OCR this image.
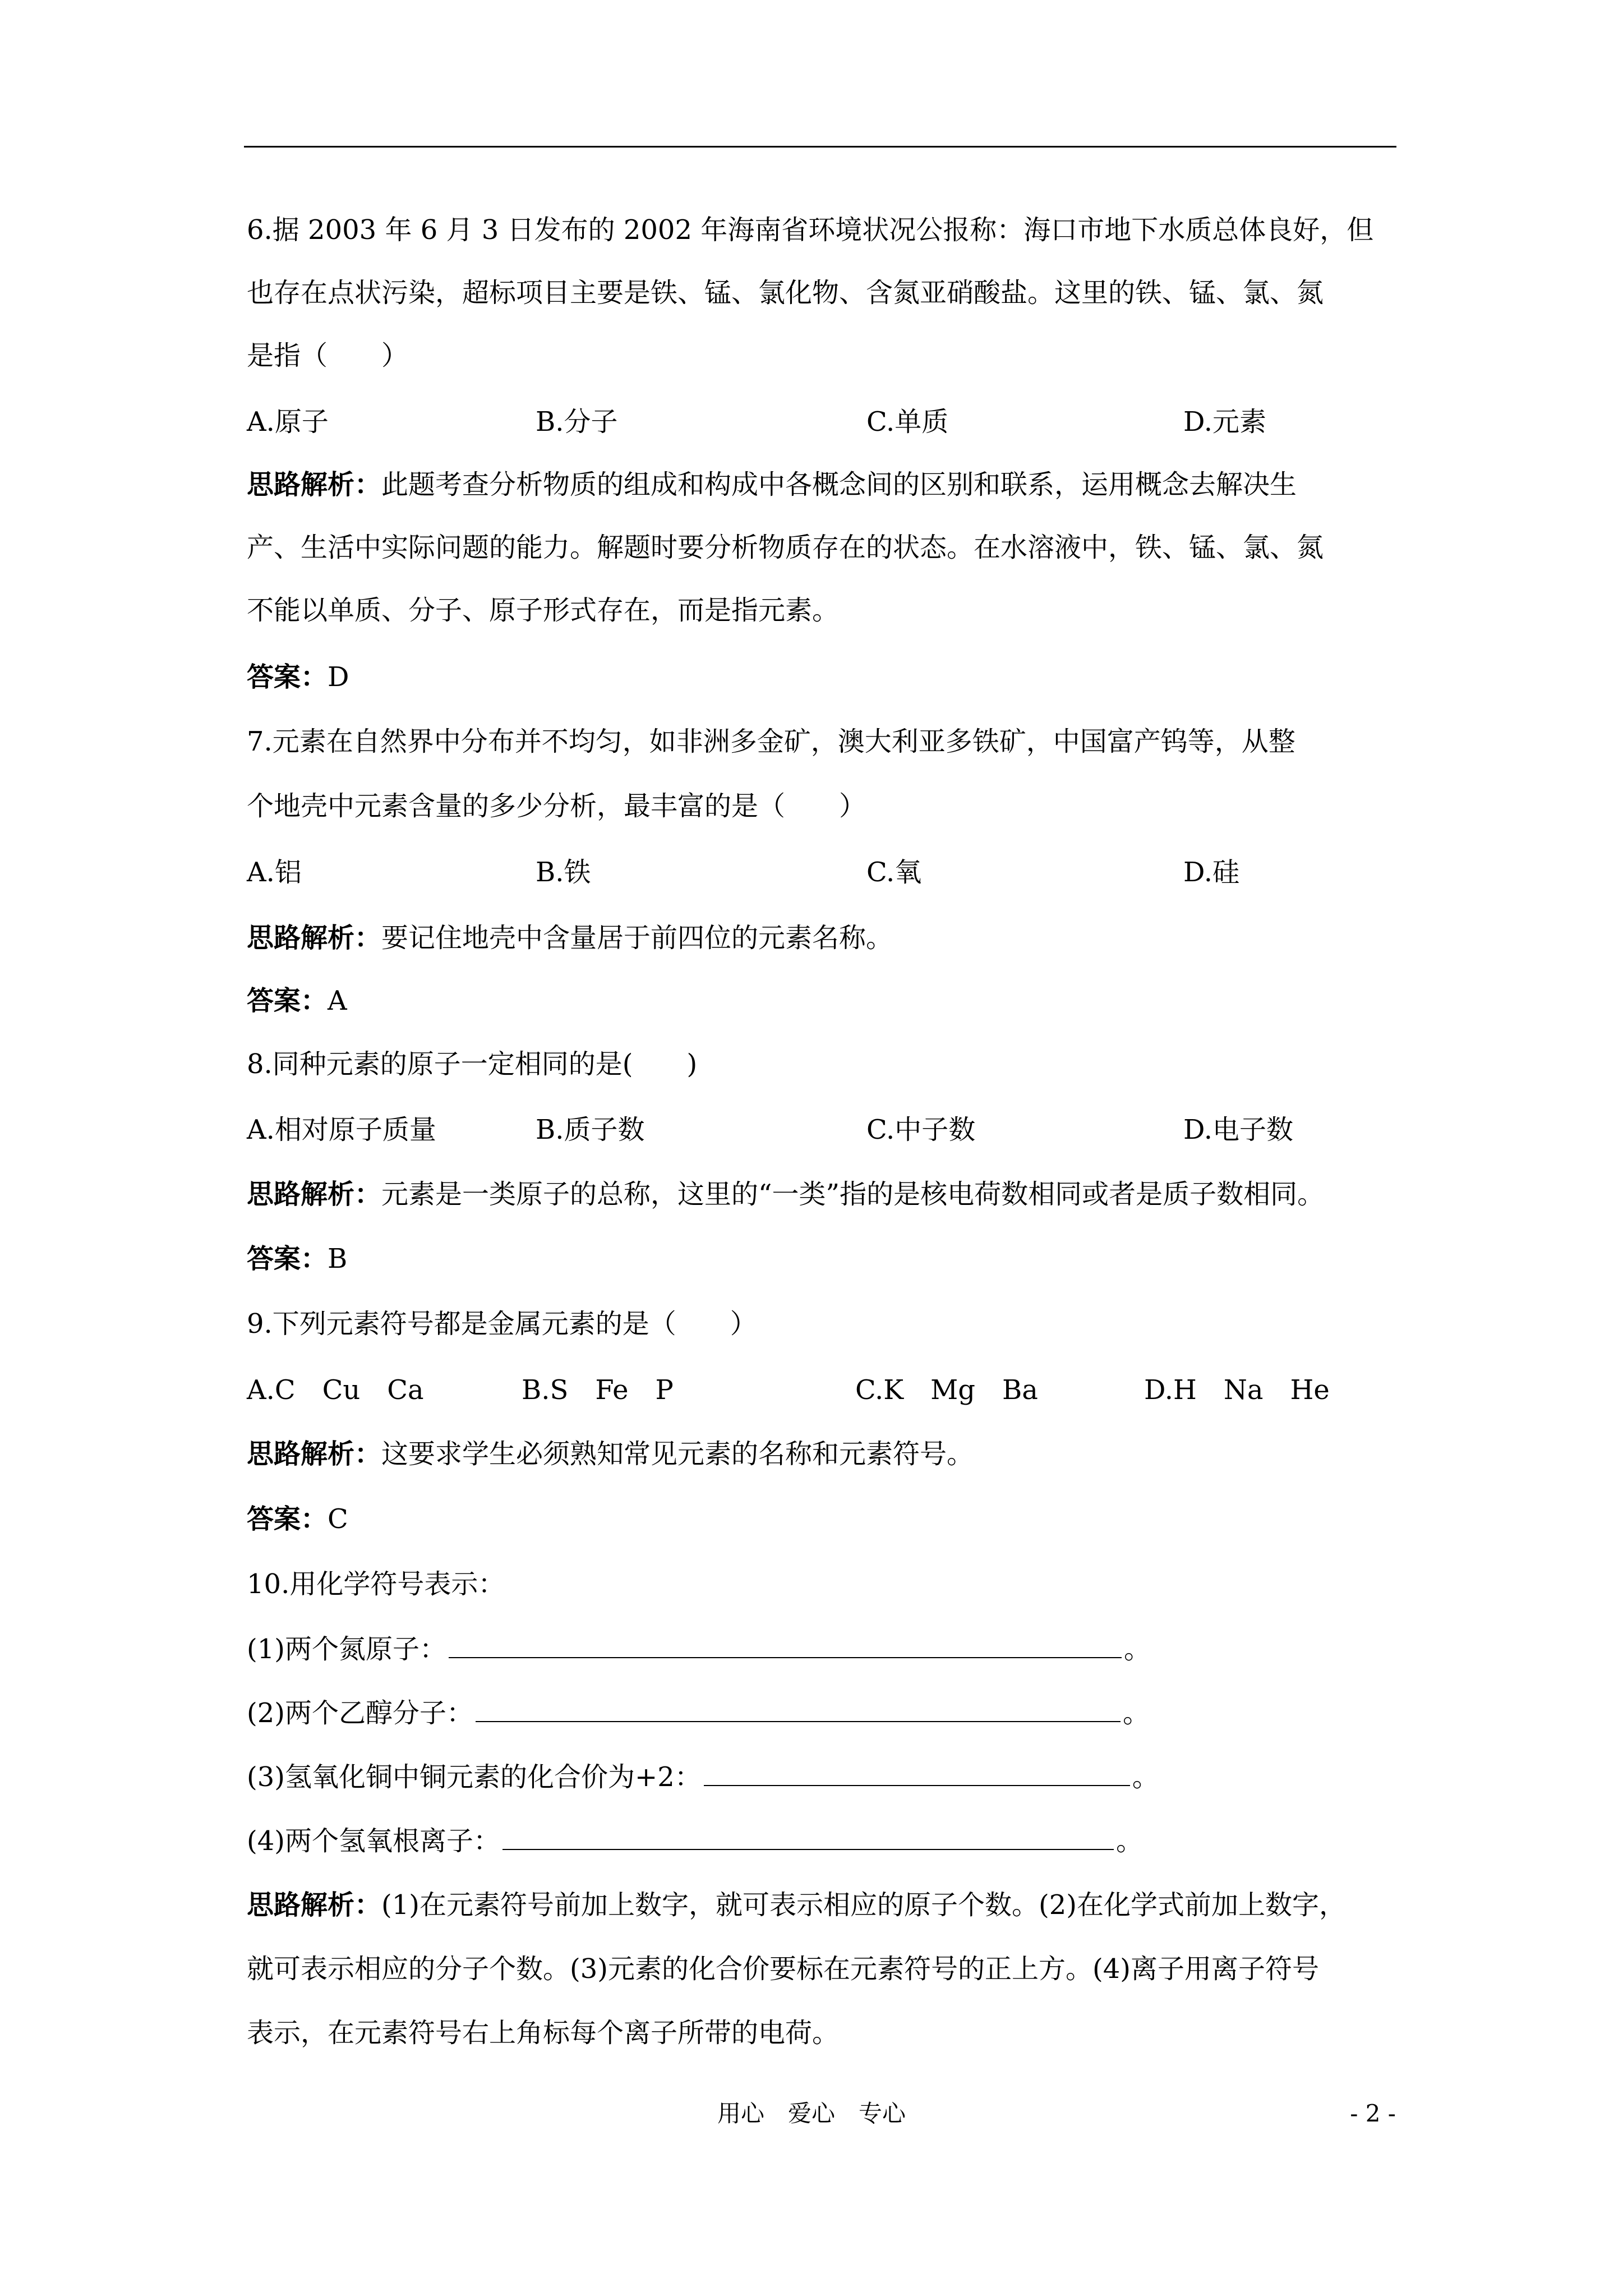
6.据 2003 年 6 月 3 日发布的 2002 年海南省环境状况公报称：海口市地下水质总体良好，但
也存在点状污染，超标项目主要是铁、锰、氯化物、含氮亚硝酸盐。这里的铁、锰、氯、氮
是指（　　）
A.原子	B.分子	C.单质	D.元素
思路解析：此题考查分析物质的组成和构成中各概念间的区别和联系，运用概念去解决生
产、生活中实际问题的能力。解题时要分析物质存在的状态。在水溶液中，铁、锰、氯、氮
不能以单质、分子、原子形式存在，而是指元素。
答案：D
7.元素在自然界中分布并不均匀，如非洲多金矿，澳大利亚多铁矿，中国富产钨等，从整
个地壳中元素含量的多少分析，最丰富的是（　　）
A.铝	B.铁	C.氧	D.硅
思路解析：要记住地壳中含量居于前四位的元素名称。
答案：A
8.同种元素的原子一定相同的是(　　)
A.相对原子质量	B.质子数	C.中子数	D.电子数
思路解析：元素是一类原子的总称，这里的“一类”指的是核电荷数相同或者是质子数相同。
答案：B
9.下列元素符号都是金属元素的是（　　）
A.C　Cu　Ca	B.S　Fe　P	C.K　Mg　Ba	D.H　Na　He
思路解析：这要求学生必须熟知常见元素的名称和元素符号。
答案：C
10.用化学符号表示：
(1)两个氮原子：	。
(2)两个乙醇分子：	。
(3)氢氧化铜中铜元素的化合价为+2：	。
(4)两个氢氧根离子：	。
思路解析：(1)在元素符号前加上数字，就可表示相应的原子个数。(2)在化学式前加上数字，
就可表示相应的分子个数。(3)元素的化合价要标在元素符号的正上方。(4)离子用离子符号
表示，在元素符号右上角标每个离子所带的电荷。
用心　爱心　专心	- 2 -
